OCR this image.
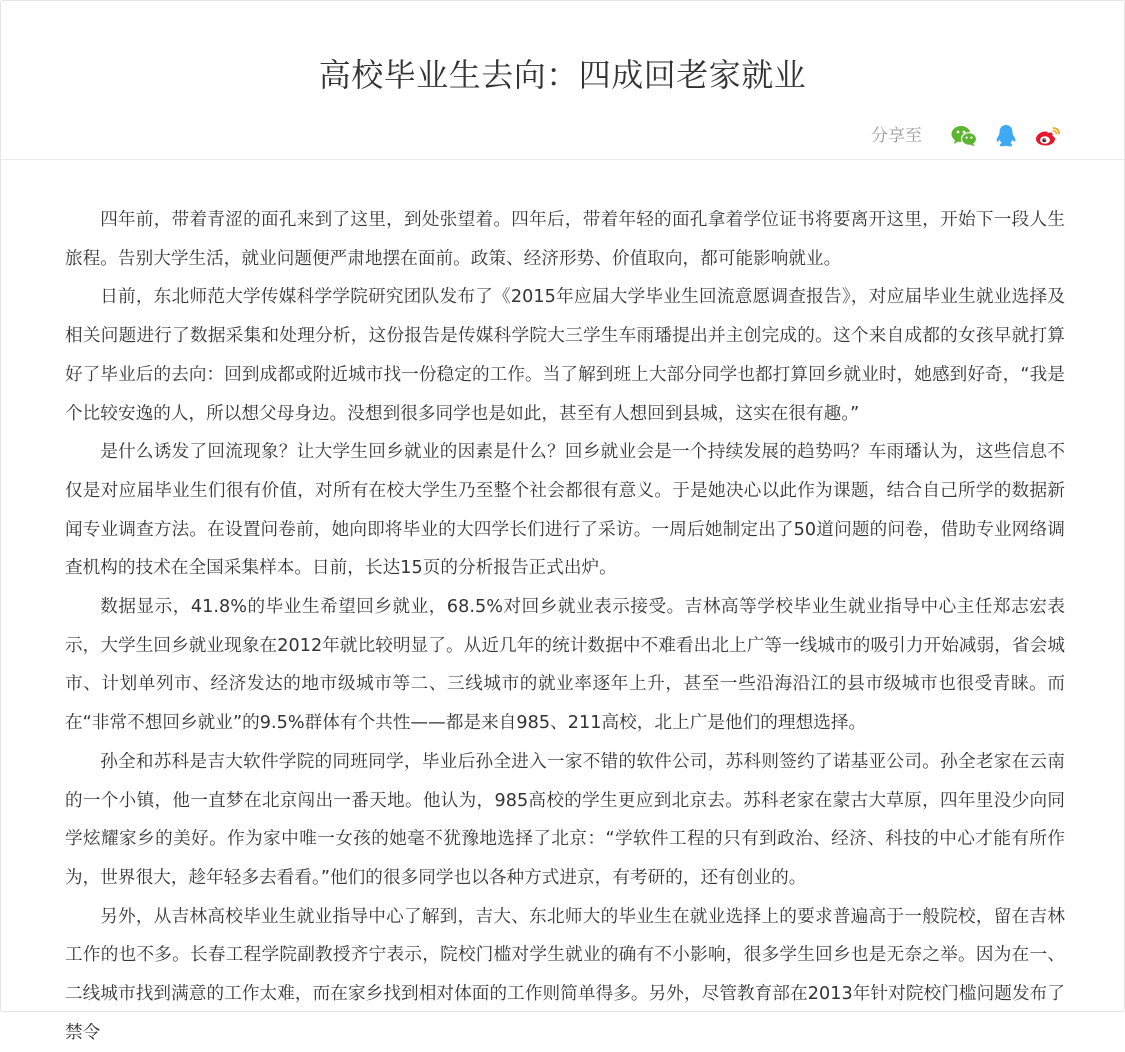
高校毕业生去向：四成回老家就业
分享至

四年前，带着青涩的面孔来到了这里，到处张望着。四年后，带着年轻的面孔拿着学位证书将要离开这里，开始下一段人生旅程。告别大学生活，就业问题便严肃地摆在面前。政策、经济形势、价值取向，都可能影响就业。

日前，东北师范大学传媒科学学院研究团队发布了《2015年应届大学毕业生回流意愿调查报告》，对应届毕业生就业选择及相关问题进行了数据采集和处理分析，这份报告是传媒科学院大三学生车雨璠提出并主创完成的。这个来自成都的女孩早就打算好了毕业后的去向：回到成都或附近城市找一份稳定的工作。当了解到班上大部分同学也都打算回乡就业时，她感到好奇，“我是个比较安逸的人，所以想父母身边。没想到很多同学也是如此，甚至有人想回到县城，这实在很有趣。”

是什么诱发了回流现象？让大学生回乡就业的因素是什么？回乡就业会是一个持续发展的趋势吗？车雨璠认为，这些信息不仅是对应届毕业生们很有价值，对所有在校大学生乃至整个社会都很有意义。于是她决心以此作为课题，结合自己所学的数据新闻专业调查方法。在设置问卷前，她向即将毕业的大四学长们进行了采访。一周后她制定出了50道问题的问卷，借助专业网络调查机构的技术在全国采集样本。日前，长达15页的分析报告正式出炉。

数据显示，41.8%的毕业生希望回乡就业，68.5%对回乡就业表示接受。吉林高等学校毕业生就业指导中心主任郑志宏表示，大学生回乡就业现象在2012年就比较明显了。从近几年的统计数据中不难看出北上广等一线城市的吸引力开始减弱，省会城市、计划单列市、经济发达的地市级城市等二、三线城市的就业率逐年上升，甚至一些沿海沿江的县市级城市也很受青睐。而在“非常不想回乡就业”的9.5%群体有个共性——都是来自985、211高校，北上广是他们的理想选择。

孙全和苏科是吉大软件学院的同班同学，毕业后孙全进入一家不错的软件公司，苏科则签约了诺基亚公司。孙全老家在云南的一个小镇，他一直梦在北京闯出一番天地。他认为，985高校的学生更应到北京去。苏科老家在蒙古大草原，四年里没少向同学炫耀家乡的美好。作为家中唯一女孩的她毫不犹豫地选择了北京：“学软件工程的只有到政治、经济、科技的中心才能有所作为，世界很大，趁年轻多去看看。”他们的很多同学也以各种方式进京，有考研的，还有创业的。

另外，从吉林高校毕业生就业指导中心了解到，吉大、东北师大的毕业生在就业选择上的要求普遍高于一般院校，留在吉林工作的也不多。长春工程学院副教授齐宁表示，院校门槛对学生就业的确有不小影响，很多学生回乡也是无奈之举。因为在一、二线城市找到满意的工作太难，而在家乡找到相对体面的工作则简单得多。另外，尽管教育部在2013年针对院校门槛问题发布了禁令
